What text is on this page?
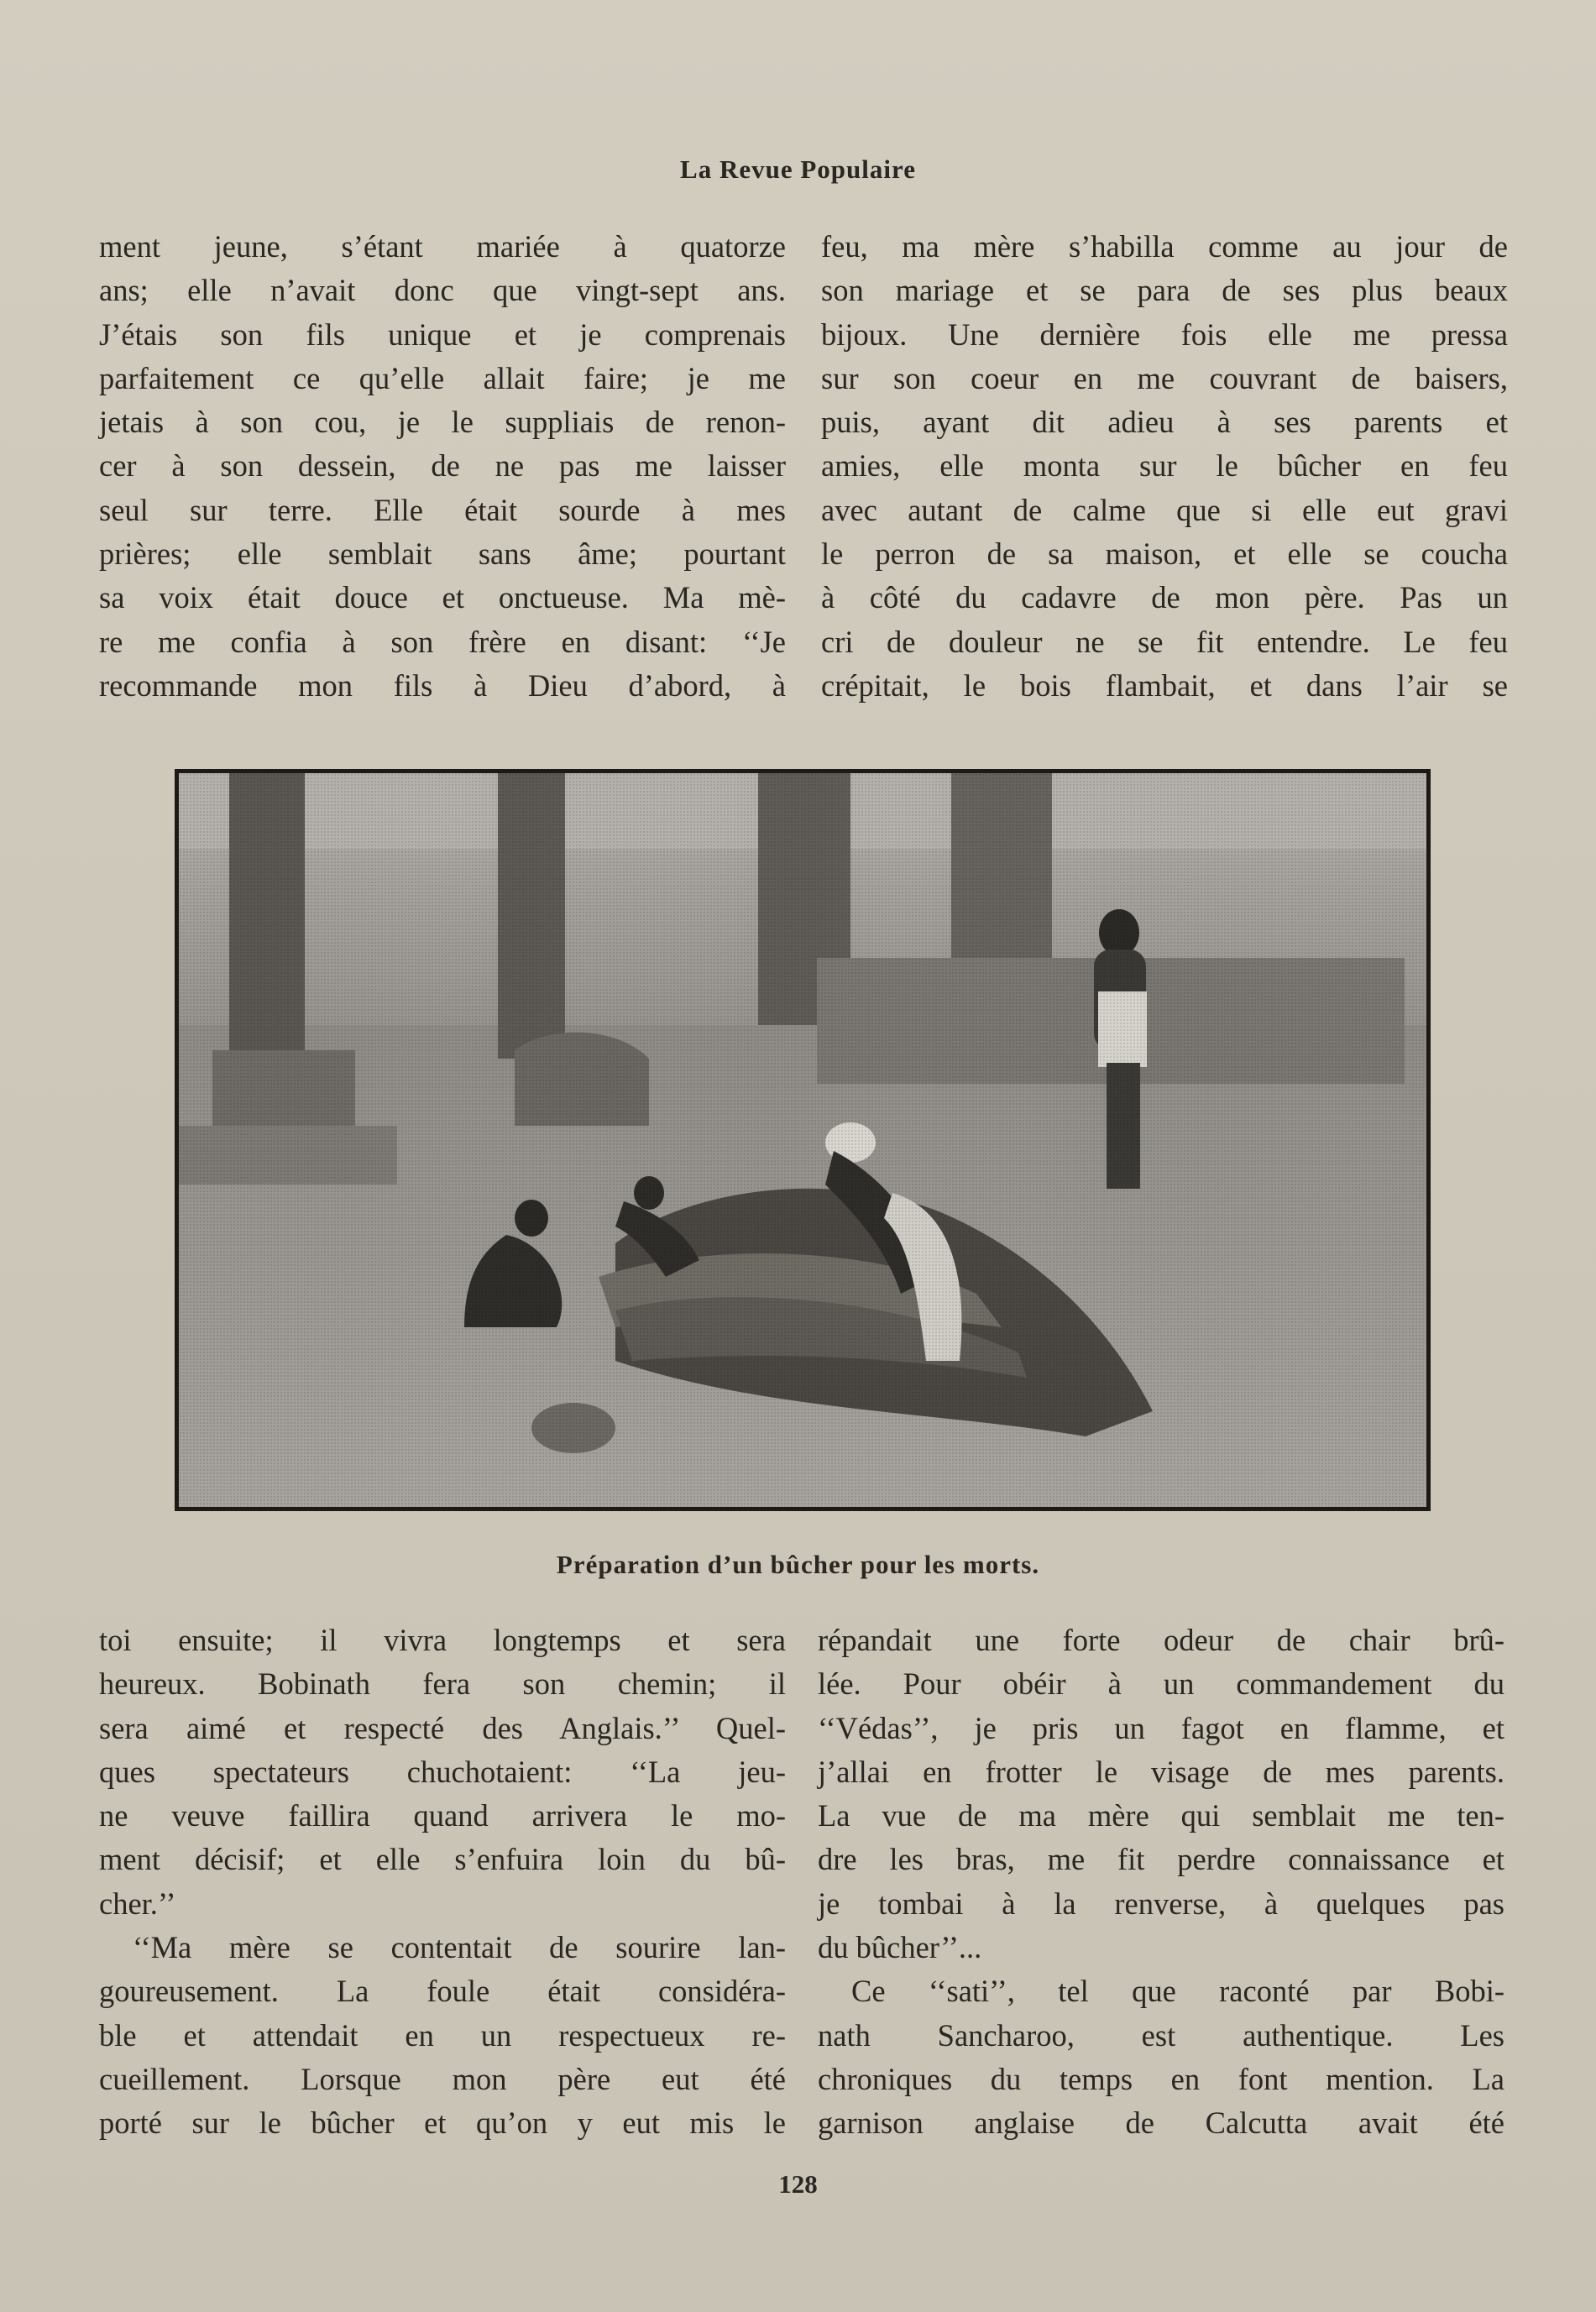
La Revue Populaire

ment jeune, s’étant mariée à quatorze
ans; elle n’avait donc que vingt-sept ans.
J’étais son fils unique et je comprenais
parfaitement ce qu’elle allait faire; je me
jetais à son cou, je le suppliais de renon-
cer à son dessein, de ne pas me laisser
seul sur terre. Elle était sourde à mes
prières; elle semblait sans âme; pourtant
sa voix était douce et onctueuse. Ma mè-
re me confia à son frère en disant: ‘‘Je
recommande mon fils à Dieu d’abord, à

feu, ma mère s’habilla comme au jour de
son mariage et se para de ses plus beaux
bijoux. Une dernière fois elle me pressa
sur son coeur en me couvrant de baisers,
puis, ayant dit adieu à ses parents et
amies, elle monta sur le bûcher en feu
avec autant de calme que si elle eut gravi
le perron de sa maison, et elle se coucha
à côté du cadavre de mon père. Pas un
cri de douleur ne se fit entendre. Le feu
crépitait, le bois flambait, et dans l’air se

Préparation d’un bûcher pour les morts.

toi ensuite; il vivra longtemps et sera
heureux. Bobinath fera son chemin; il
sera aimé et respecté des Anglais.’’ Quel-
ques spectateurs chuchotaient: ‘‘La jeu-
ne veuve faillira quand arrivera le mo-
ment décisif; et elle s’enfuira loin du bû-
cher.’’

‘‘Ma mère se contentait de sourire lan-
goureusement. La foule était considéra-
ble et attendait en un respectueux re-
cueillement. Lorsque mon père eut été
porté sur le bûcher et qu’on y eut mis le

répandait une forte odeur de chair brû-
lée. Pour obéir à un commandement du
‘‘Védas’’, je pris un fagot en flamme, et
j’allai en frotter le visage de mes parents.
La vue de ma mère qui semblait me ten-
dre les bras, me fit perdre connaissance et
je tombai à la renverse, à quelques pas
du bûcher’’...

Ce ‘‘sati’’, tel que raconté par Bobi-
nath Sancharoo, est authentique. Les
chroniques du temps en font mention. La
garnison anglaise de Calcutta avait été

128
